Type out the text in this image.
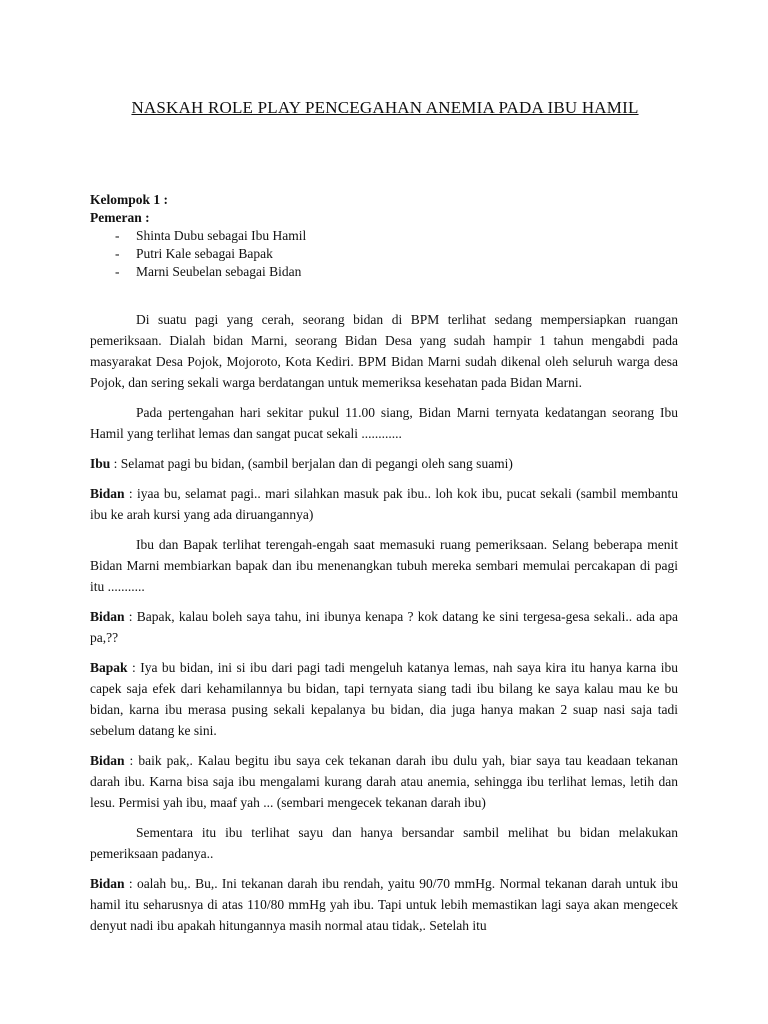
NASKAH ROLE PLAY PENCEGAHAN ANEMIA PADA IBU HAMIL
Kelompok 1 :
Pemeran :
- Shinta Dubu sebagai Ibu Hamil
- Putri Kale sebagai Bapak
- Marni Seubelan sebagai Bidan

Di suatu pagi yang cerah, seorang bidan di BPM terlihat sedang mempersiapkan ruangan pemeriksaan. Dialah bidan Marni, seorang Bidan Desa yang sudah hampir 1 tahun mengabdi pada masyarakat Desa Pojok, Mojoroto, Kota Kediri. BPM Bidan Marni sudah dikenal oleh seluruh warga desa Pojok, dan sering sekali warga berdatangan untuk memeriksa kesehatan pada Bidan Marni.

Pada pertengahan hari sekitar pukul 11.00 siang, Bidan Marni ternyata kedatangan seorang Ibu Hamil yang terlihat lemas dan sangat pucat sekali ............

Ibu : Selamat pagi bu bidan, (sambil berjalan dan di pegangi oleh sang suami)

Bidan : iyaa bu, selamat pagi.. mari silahkan masuk pak ibu.. loh kok ibu, pucat sekali (sambil membantu ibu ke arah kursi yang ada diruangannya)

Ibu dan Bapak terlihat terengah-engah saat memasuki ruang pemeriksaan. Selang beberapa menit Bidan Marni membiarkan bapak dan ibu menenangkan tubuh mereka sembari memulai percakapan di pagi itu ...........

Bidan : Bapak, kalau boleh saya tahu, ini ibunya kenapa ? kok datang ke sini tergesa-gesa sekali.. ada apa pa,??

Bapak : Iya bu bidan, ini si ibu dari pagi tadi mengeluh katanya lemas, nah saya kira itu hanya karna ibu capek saja efek dari kehamilannya bu bidan, tapi ternyata siang tadi ibu bilang ke saya kalau mau ke bu bidan, karna ibu merasa pusing sekali kepalanya bu bidan, dia juga hanya makan 2 suap nasi saja tadi sebelum datang ke sini.

Bidan : baik pak,. Kalau begitu ibu saya cek tekanan darah ibu dulu yah, biar saya tau keadaan tekanan darah ibu. Karna bisa saja ibu mengalami kurang darah atau anemia, sehingga ibu terlihat lemas, letih dan lesu. Permisi yah ibu, maaf yah ... (sembari mengecek tekanan darah ibu)

Sementara itu ibu terlihat sayu dan hanya bersandar sambil melihat bu bidan melakukan pemeriksaan padanya..

Bidan : oalah bu,. Bu,. Ini tekanan darah ibu rendah, yaitu 90/70 mmHg. Normal tekanan darah untuk ibu hamil itu seharusnya di atas 110/80 mmHg yah ibu. Tapi untuk lebih memastikan lagi saya akan mengecek denyut nadi ibu apakah hitungannya masih normal atau tidak,. Setelah itu
